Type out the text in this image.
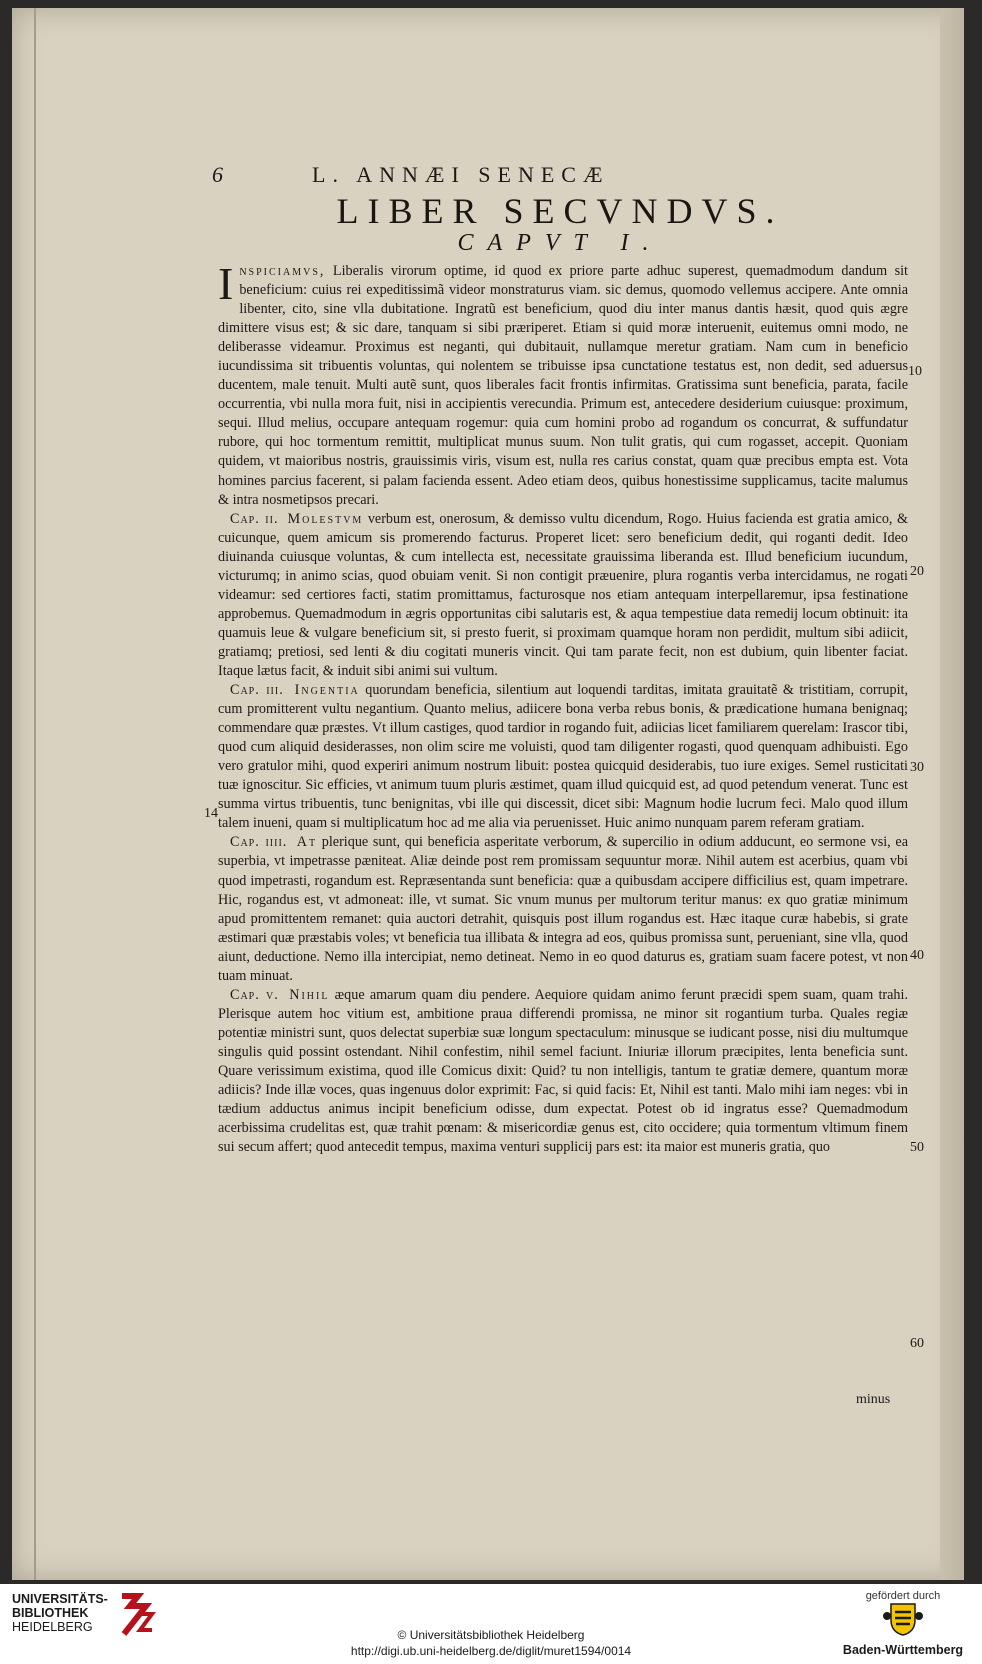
6	L. ANNÆI SENECÆ
LIBER SECVNDVS.
CAPVT I.

Inspiciamvs, Liberalis virorum optime, id quod ex priore parte adhuc superest, quemadmodum dandum sit beneficium: cuius rei expeditissimã videor monstraturus viam. sic demus, quomodo vellemus accipere. Ante omnia libenter, cito, sine vlla dubitatione. Ingratũ est beneficium, quod diu inter manus dantis hæsit, quod quis ægre dimittere visus est; & sic dare, tanquam si sibi præriperet. Etiam si quid moræ interuenit, euitemus omni modo, ne deliberasse videamur. Proximus est neganti, qui dubitauit, nullamque meretur gratiam. Nam cum in beneficio iucundissima sit tribuentis voluntas, qui nolentem se tribuisse ipsa cunctatione testatus est, non dedit, sed aduersus ducentem, male tenuit. Multi autẽ sunt, quos liberales facit frontis infirmitas. Gratissima sunt beneficia, parata, facile occurrentia, vbi nulla mora fuit, nisi in accipientis verecundia. Primum est, antecedere desiderium cuiusque: proximum, sequi. Illud melius, occupare antequam rogemur: quia cum homini probo ad rogandum os concurrat, & suffundatur rubore, qui hoc tormentum remittit, multiplicat munus suum. Non tulit gratis, qui cum rogasset, accepit. Quoniam quidem, vt maioribus nostris, grauissimis viris, visum est, nulla res carius constat, quam quæ precibus empta est. Vota homines parcius facerent, si palam facienda essent. Adeo etiam deos, quibus honestissime supplicamus, tacite malumus & intra nosmetipsos precari.

Cap. ii. Molestvm verbum est, onerosum, & demisso vultu dicendum, Rogo. Huius facienda est gratia amico, & cuicunque, quem amicum sis promerendo facturus. Properet licet: sero beneficium dedit, qui roganti dedit. Ideo diuinanda cuiusque voluntas, & cum intellecta est, necessitate grauissima liberanda est. Illud beneficium iucundum, victurumq; in animo scias, quod obuiam venit. Si non contigit præuenire, plura rogantis verba intercidamus, ne rogati videamur: sed certiores facti, statim promittamus, facturosque nos etiam antequam interpellaremur, ipsa festinatione approbemus. Quemadmodum in ægris opportunitas cibi salutaris est, & aqua tempestiue data remedij locum obtinuit: ita quamuis leue & vulgare beneficium sit, si presto fuerit, si proximam quamque horam non perdidit, multum sibi adiicit, gratiamq; pretiosi, sed lenti & diu cogitati muneris vincit. Qui tam parate fecit, non est dubium, quin libenter faciat. Itaque lætus facit, & induit sibi animi sui vultum.

Cap. iii. Ingentia quorundam beneficia, silentium aut loquendi tarditas, imitata grauitatẽ & tristitiam, corrupit, cum promitterent vultu negantium. Quanto melius, adiicere bona verba rebus bonis, & prædicatione humana benignaq; commendare quæ præstes. Vt illum castiges, quod tardior in rogando fuit, adiicias licet familiarem querelam: Irascor tibi, quod cum aliquid desiderasses, non olim scire me voluisti, quod tam diligenter rogasti, quod quenquam adhibuisti. Ego vero gratulor mihi, quod experiri animum nostrum libuit: postea quicquid desiderabis, tuo iure exiges. Semel rusticitati tuæ ignoscitur. Sic efficies, vt animum tuum pluris æstimet, quam illud quicquid est, ad quod petendum venerat. Tunc est summa virtus tribuentis, tunc benignitas, vbi ille qui discessit, dicet sibi: Magnum hodie lucrum feci. Malo quod illum talem inueni, quam si multiplicatum hoc ad me alia via peruenisset. Huic animo nunquam parem referam gratiam.

Cap. iiii. At plerique sunt, qui beneficia asperitate verborum, & supercilio in odium adducunt, eo sermone vsi, ea superbia, vt impetrasse pæniteat. Aliæ deinde post rem promissam sequuntur moræ. Nihil autem est acerbius, quam vbi quod impetrasti, rogandum est. Repræsentanda sunt beneficia: quæ a quibusdam accipere difficilius est, quam impetrare. Hic, rogandus est, vt admoneat: ille, vt sumat. Sic vnum munus per multorum teritur manus: ex quo gratiæ minimum apud promittentem remanet: quia auctori detrahit, quisquis post illum rogandus est. Hæc itaque curæ habebis, si grate æstimari quæ præstabis voles; vt beneficia tua illibata & integra ad eos, quibus promissa sunt, perueniant, sine vlla, quod aiunt, deductione. Nemo illa intercipiat, nemo detineat. Nemo in eo quod daturus es, gratiam suam facere potest, vt non tuam minuat.

Cap. v. Nihil æque amarum quam diu pendere. Aequiore quidam animo ferunt præcidi spem suam, quam trahi. Plerisque autem hoc vitium est, ambitione praua differendi promissa, ne minor sit rogantium turba. Quales regiæ potentiæ ministri sunt, quos delectat superbiæ suæ longum spectaculum: minusque se iudicant posse, nisi diu multumque singulis quid possint ostendant. Nihil confestim, nihil semel faciunt. Iniuriæ illorum præcipites, lenta beneficia sunt. Quare verissimum existima, quod ille Comicus dixit: Quid? tu non intelligis, tantum te gratiæ demere, quantum moræ adiicis? Inde illæ voces, quas ingenuus dolor exprimit: Fac, si quid facis: Et, Nihil est tanti. Malo mihi iam neges: vbi in tædium adductus animus incipit beneficium odisse, dum expectat. Potest ob id ingratus esse? Quemadmodum acerbissima crudelitas est, quæ trahit pœnam: & misericordiæ genus est, cito occidere; quia tormentum vltimum finem sui secum affert; quod antecedit tempus, maxima venturi supplicij pars est: ita maior est muneris gratia, quo

10
20
14
30
40
50
60
minus
UNIVERSITÄTS-
BIBLIOTHEK
HEIDELBERG
© Universitätsbibliothek Heidelberg
http://digi.ub.uni-heidelberg.de/diglit/muret1594/0014
gefördert durch
Baden-Württemberg
